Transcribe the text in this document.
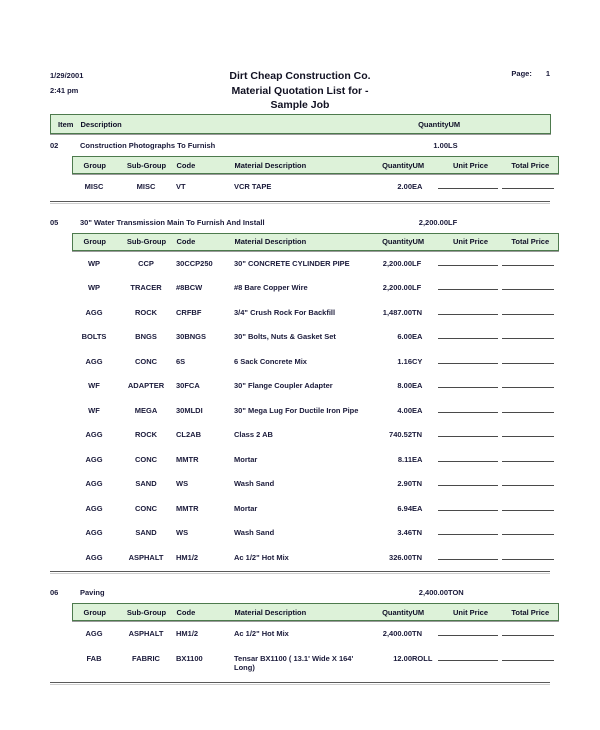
1/29/2001
2:41 pm
Dirt Cheap Construction Co.
Material Quotation List for -
Sample Job
Page: 1
Item	Description		Quantity	UM
02	Construction Photographs To Furnish	1.00	LS
Group	Sub-Group	Code	Material Description	Quantity	UM	Unit Price	Total Price
MISC	MISC	VT	VCR TAPE	2.00	EA	

05	30" Water Transmission Main To Furnish And Install	2,200.00	LF
Group	Sub-Group	Code	Material Description	Quantity	UM	Unit Price	Total Price
WP	CCP	30CCP250	30" CONCRETE CYLINDER PIPE	2,200.00	LF	

WP	TRACER	#8BCW	#8 Bare Copper Wire	2,200.00	LF	

AGG	ROCK	CRFBF	3/4" Crush Rock For Backfill	1,487.00	TN	

BOLTS	BNGS	30BNGS	30" Bolts, Nuts & Gasket Set	6.00	EA	

AGG	CONC	6S	6 Sack Concrete Mix	1.16	CY	

WF	ADAPTER	30FCA	30" Flange Coupler Adapter	8.00	EA	

WF	MEGA	30MLDI	30" Mega Lug For Ductile Iron Pipe	4.00	EA	

AGG	ROCK	CL2AB	Class 2 AB	740.52	TN	

AGG	CONC	MMTR	Mortar	8.11	EA	

AGG	SAND	WS	Wash Sand	2.90	TN	

AGG	CONC	MMTR	Mortar	6.94	EA	

AGG	SAND	WS	Wash Sand	3.46	TN	

AGG	ASPHALT	HM1/2	Ac 1/2" Hot Mix	326.00	TN	

06	Paving	2,400.00	TON
Group	Sub-Group	Code	Material Description	Quantity	UM	Unit Price	Total Price
AGG	ASPHALT	HM1/2	Ac 1/2" Hot Mix	2,400.00	TN	

FAB	FABRIC	BX1100	Tensar BX1100 ( 13.1' Wide X 164' Long)	12.00	ROLL	
